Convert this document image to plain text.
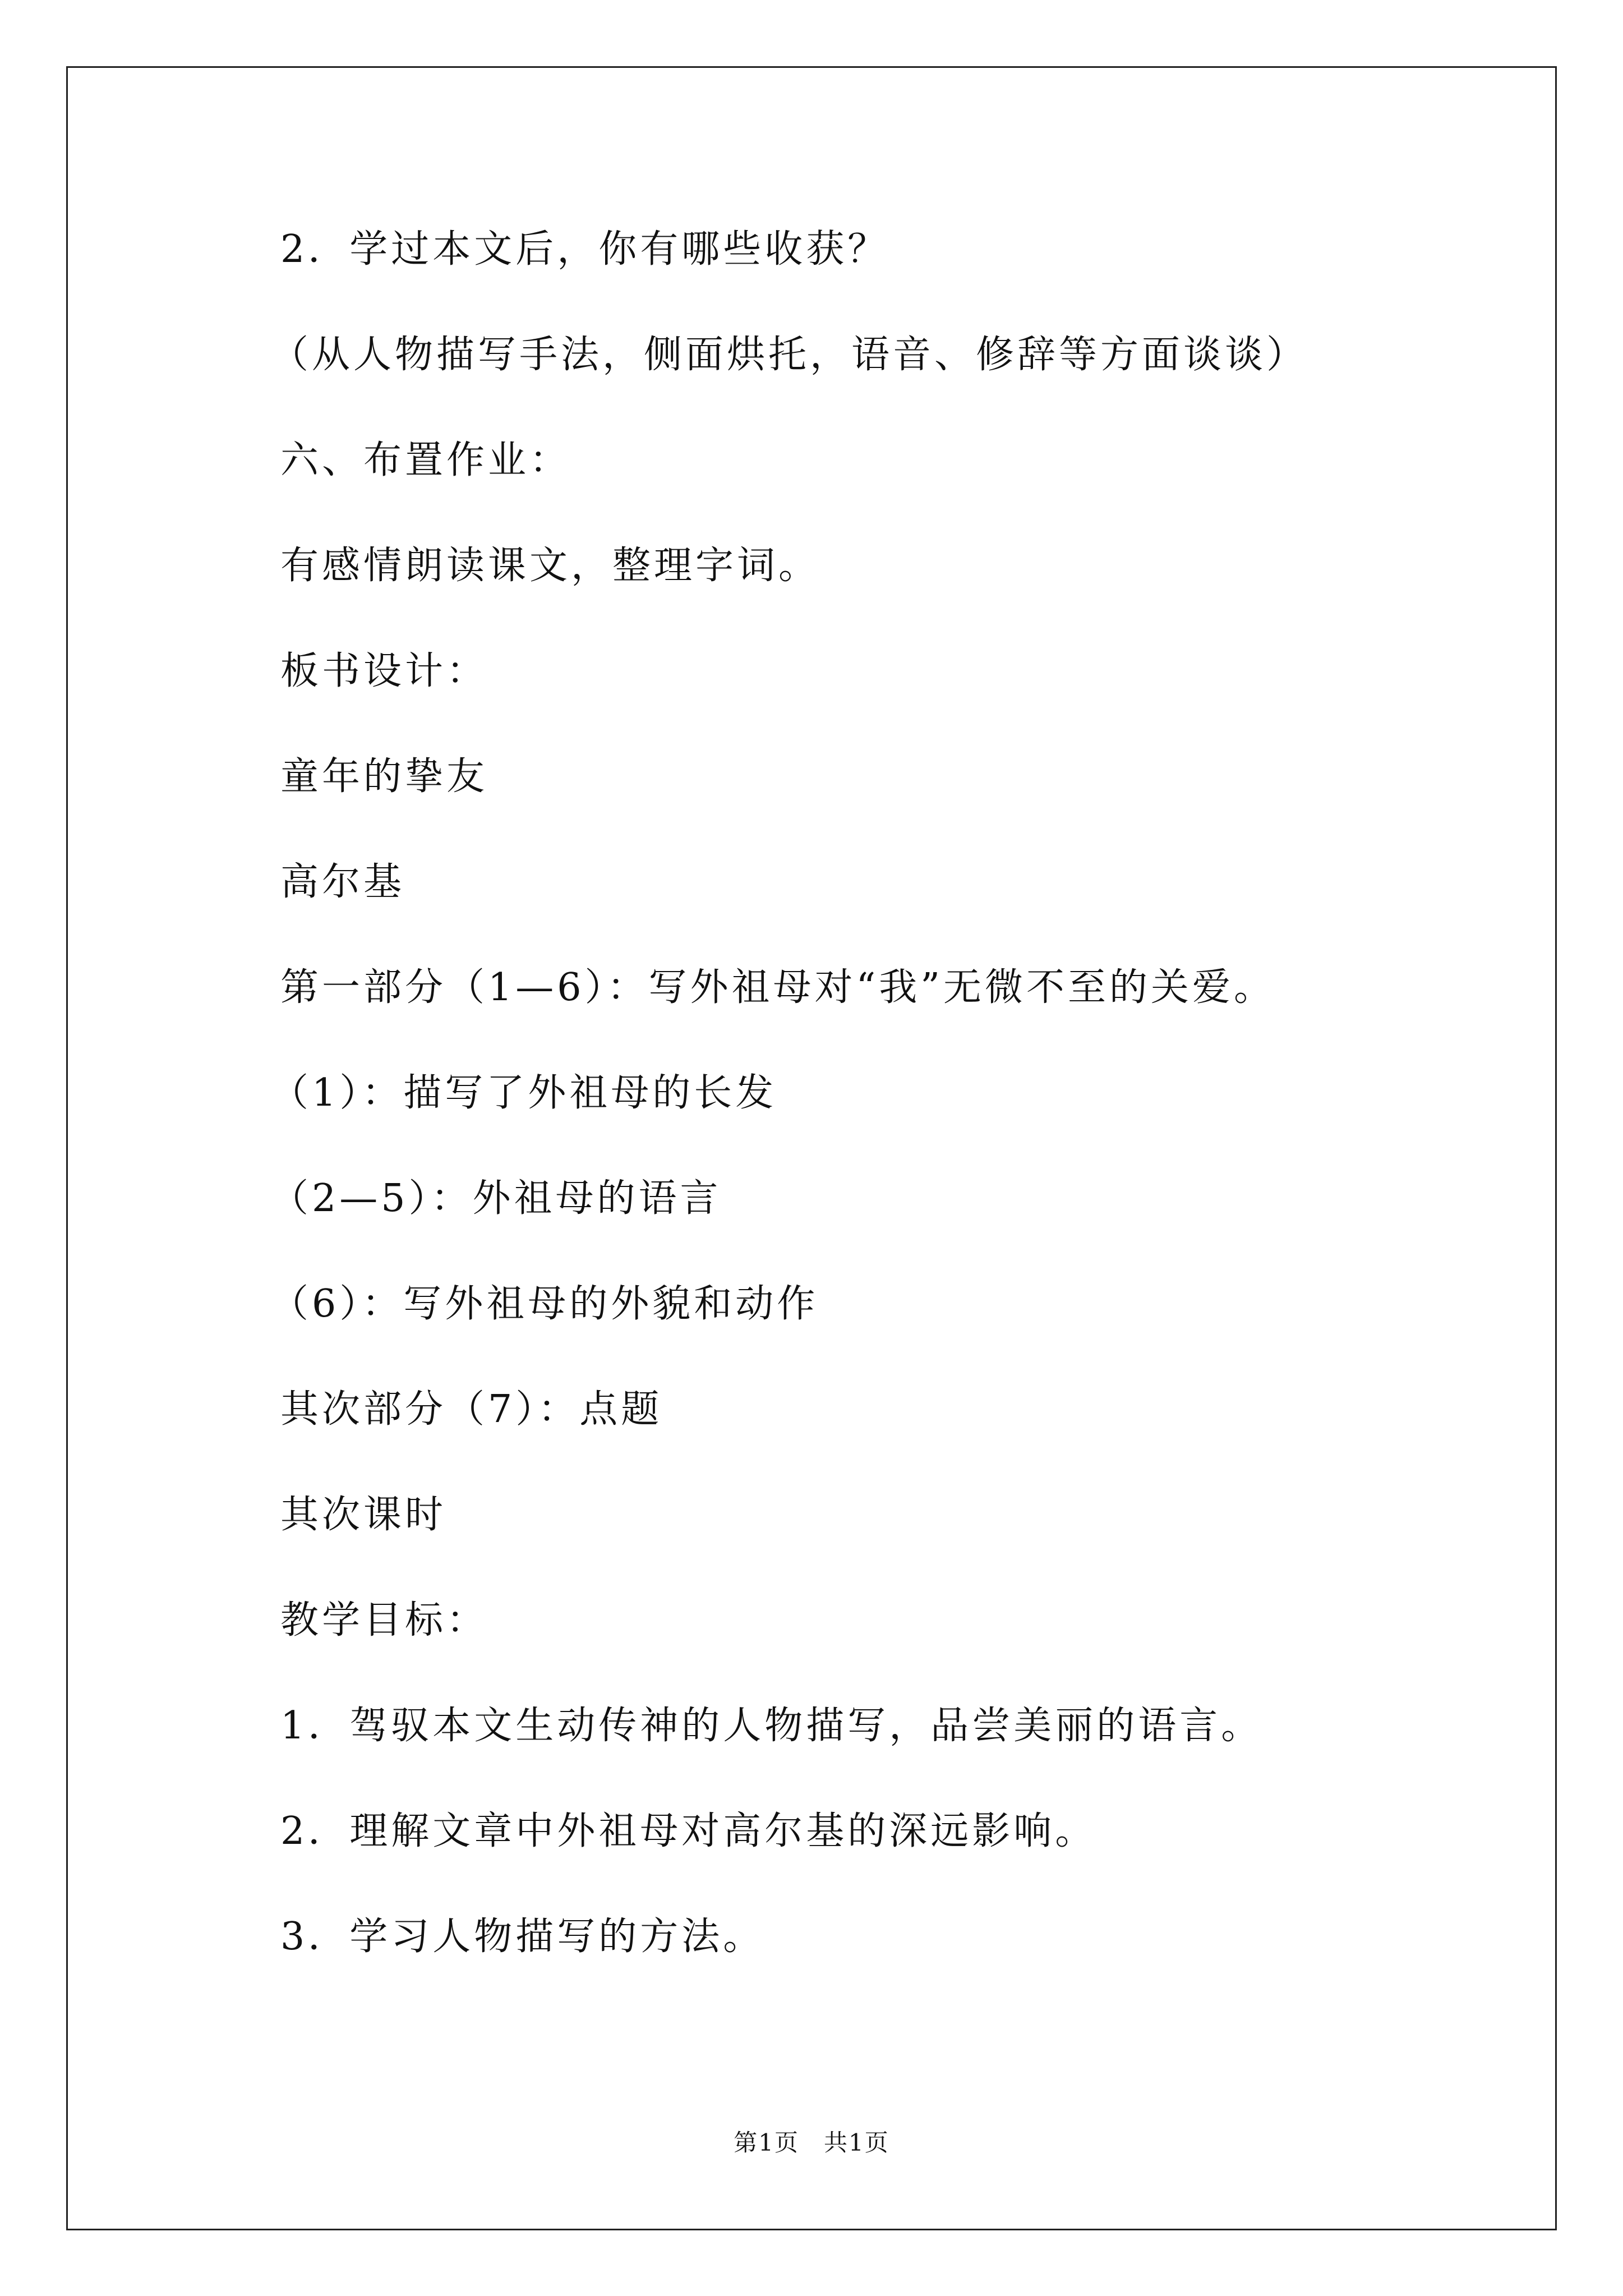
2．学过本文后，你有哪些收获？
（从人物描写手法，侧面烘托，语音、修辞等方面谈谈）
六、布置作业：
有感情朗读课文，整理字词。
板书设计：
童年的挚友
高尔基
第一部分（1—6）：写外祖母对“我”无微不至的关爱。
（1）：描写了外祖母的长发
（2—5）：外祖母的语言
（6）：写外祖母的外貌和动作
其次部分（7）：点题
其次课时
教学目标：
1．驾驭本文生动传神的人物描写，品尝美丽的语言。
2．理解文章中外祖母对高尔基的深远影响。
3．学习人物描写的方法。
第1页　共1页
